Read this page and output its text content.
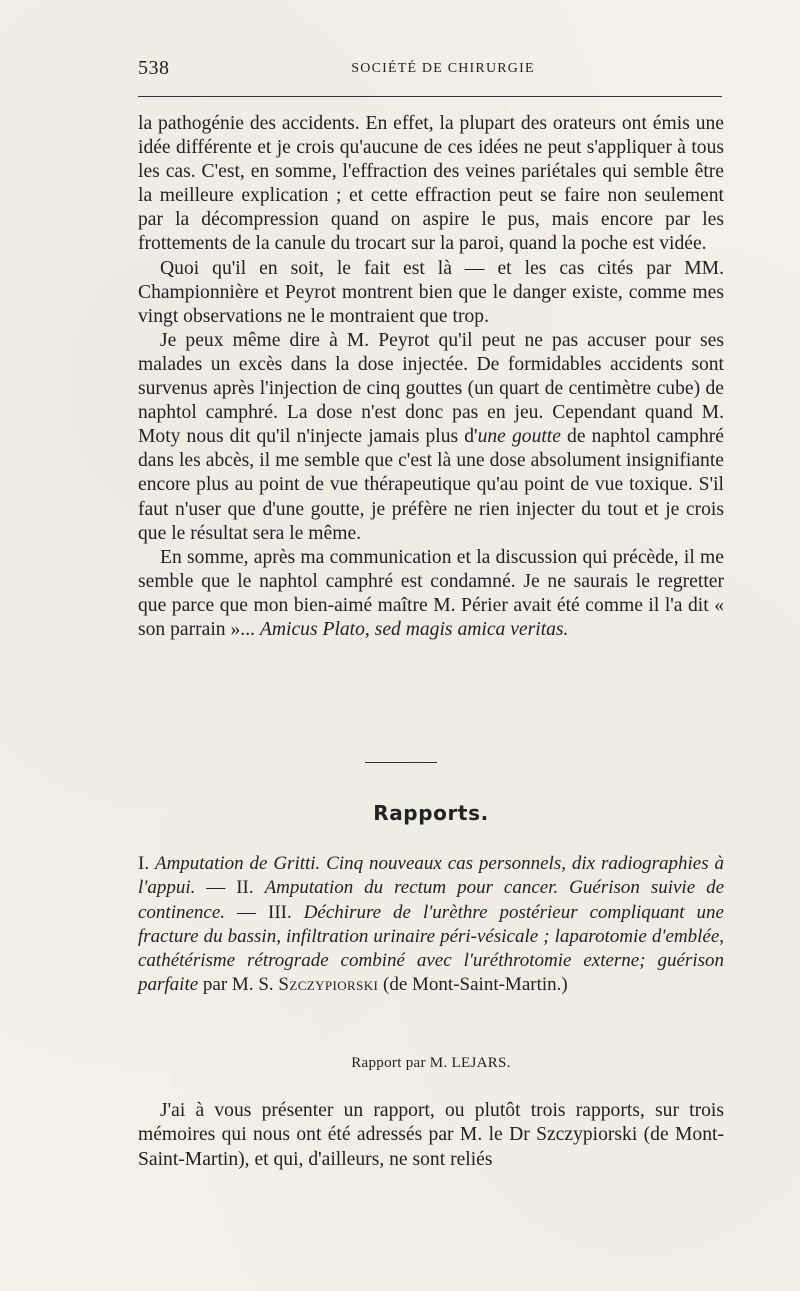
538	SOCIÉTÉ DE CHIRURGIE

la pathogénie des accidents. En effet, la plupart des orateurs ont émis une idée différente et je crois qu'aucune de ces idées ne peut s'appliquer à tous les cas. C'est, en somme, l'effraction des veines pariétales qui semble être la meilleure explication ; et cette effraction peut se faire non seulement par la décompression quand on aspire le pus, mais encore par les frottements de la canule du trocart sur la paroi, quand la poche est vidée.

Quoi qu'il en soit, le fait est là — et les cas cités par MM. Championnière et Peyrot montrent bien que le danger existe, comme mes vingt observations ne le montraient que trop.

Je peux même dire à M. Peyrot qu'il peut ne pas accuser pour ses malades un excès dans la dose injectée. De formidables accidents sont survenus après l'injection de cinq gouttes (un quart de centimètre cube) de naphtol camphré. La dose n'est donc pas en jeu. Cependant quand M. Moty nous dit qu'il n'injecte jamais plus d'une goutte de naphtol camphré dans les abcès, il me semble que c'est là une dose absolument insignifiante encore plus au point de vue thérapeutique qu'au point de vue toxique. S'il faut n'user que d'une goutte, je préfère ne rien injecter du tout et je crois que le résultat sera le même.

En somme, après ma communication et la discussion qui précède, il me semble que le naphtol camphré est condamné. Je ne saurais le regretter que parce que mon bien-aimé maître M. Périer avait été comme il l'a dit « son parrain »... Amicus Plato, sed magis amica veritas.

Rapports.
I. Amputation de Gritti. Cinq nouveaux cas personnels, dix radiographies à l'appui. — II. Amputation du rectum pour cancer. Guérison suivie de continence. — III. Déchirure de l'urèthre postérieur compliquant une fracture du bassin, infiltration urinaire péri-vésicale ; laparotomie d'emblée, cathétérisme rétrograde combiné avec l'uréthrotomie externe; guérison parfaite par M. S. Szczypiorski (de Mont-Saint-Martin.)
Rapport par M. LEJARS.

J'ai à vous présenter un rapport, ou plutôt trois rapports, sur trois mémoires qui nous ont été adressés par M. le Dr Szczypiorski (de Mont-Saint-Martin), et qui, d'ailleurs, ne sont reliés
